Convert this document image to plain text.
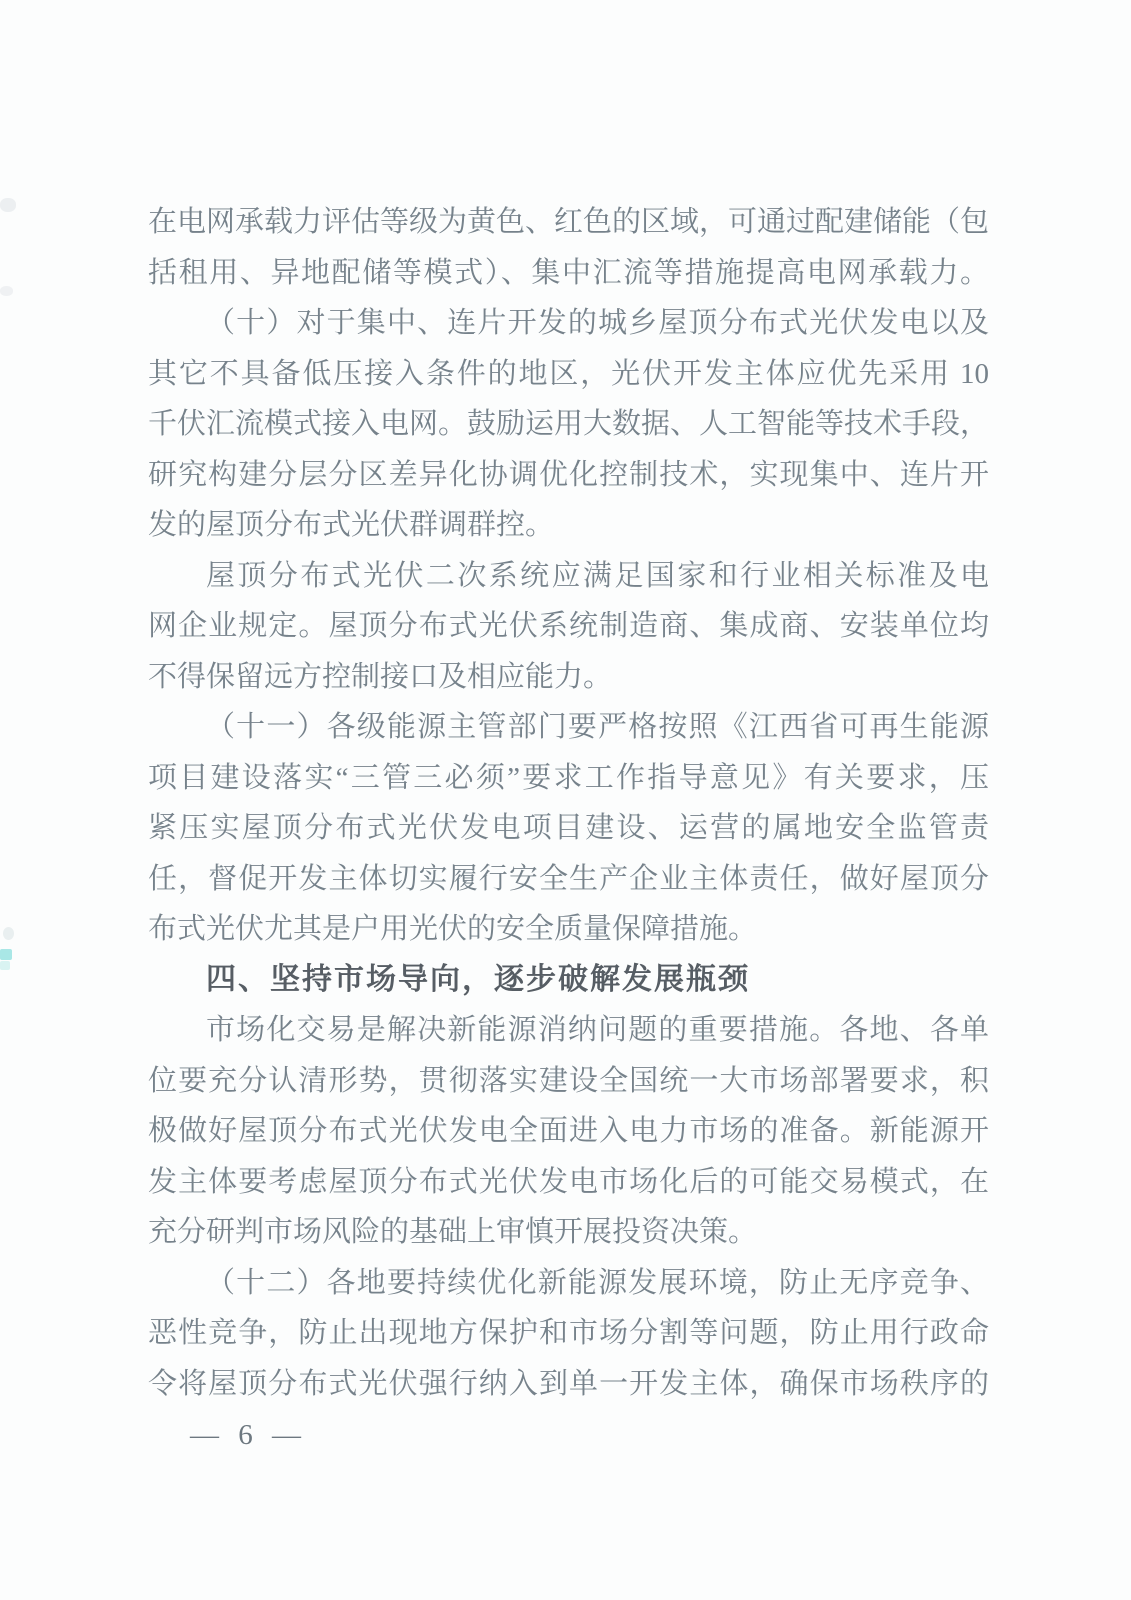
在电网承载力评估等级为黄色、红色的区域，可通过配建储能（包
括租用、异地配储等模式）、集中汇流等措施提高电网承载力。
（十）对于集中、连片开发的城乡屋顶分布式光伏发电以及
其它不具备低压接入条件的地区，光伏开发主体应优先采用 10
千伏汇流模式接入电网。鼓励运用大数据、人工智能等技术手段，
研究构建分层分区差异化协调优化控制技术，实现集中、连片开
发的屋顶分布式光伏群调群控。
屋顶分布式光伏二次系统应满足国家和行业相关标准及电
网企业规定。屋顶分布式光伏系统制造商、集成商、安装单位均
不得保留远方控制接口及相应能力。
（十一）各级能源主管部门要严格按照《江西省可再生能源
项目建设落实“三管三必须”要求工作指导意见》有关要求，压
紧压实屋顶分布式光伏发电项目建设、运营的属地安全监管责
任，督促开发主体切实履行安全生产企业主体责任，做好屋顶分
布式光伏尤其是户用光伏的安全质量保障措施。
四、坚持市场导向，逐步破解发展瓶颈
市场化交易是解决新能源消纳问题的重要措施。各地、各单
位要充分认清形势，贯彻落实建设全国统一大市场部署要求，积
极做好屋顶分布式光伏发电全面进入电力市场的准备。新能源开
发主体要考虑屋顶分布式光伏发电市场化后的可能交易模式，在
充分研判市场风险的基础上审慎开展投资决策。
（十二）各地要持续优化新能源发展环境，防止无序竞争、
恶性竞争，防止出现地方保护和市场分割等问题，防止用行政命
令将屋顶分布式光伏强行纳入到单一开发主体，确保市场秩序的
— 6 —
